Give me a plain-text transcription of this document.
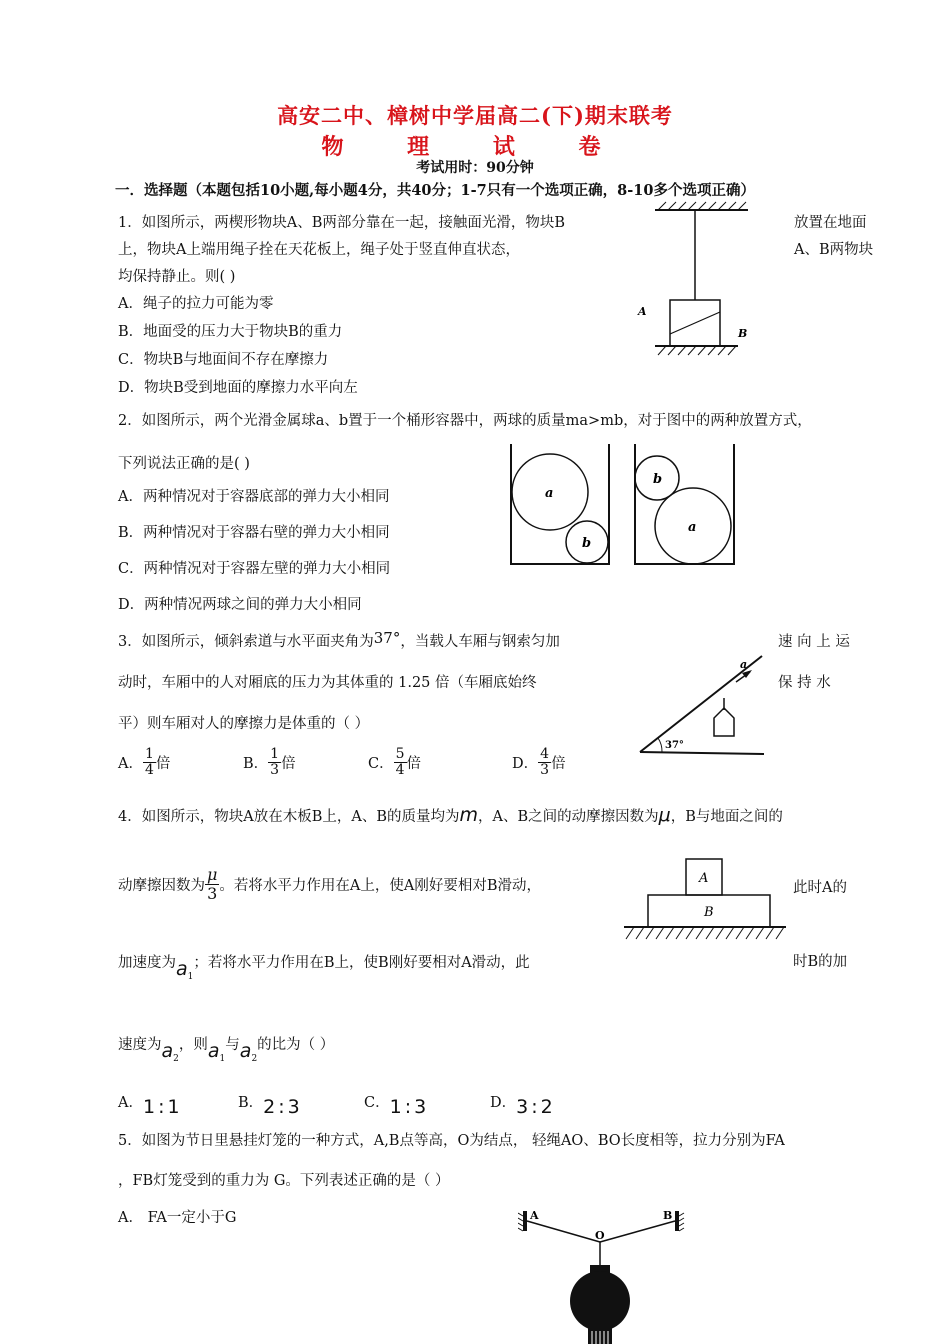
高安二中、樟树中学届高二(下)期末联考
物 理 试 卷
考试用时：90分钟
一．选择题（本题包括10小题,每小题4分，共40分；1-7只有一个选项正确，8-10多个选项正确）
1．如图所示，两楔形物块A、B两部分靠在一起，接触面光滑，物块B	放置在地面
上，物块A上端用绳子拴在天花板上，绳子处于竖直伸直状态，	A、B两物块
均保持静止。则( )
A．绳子的拉力可能为零
B．地面受的压力大于物块B的重力
C．物块B与地面间不存在摩擦力
D．物块B受到地面的摩擦力水平向左
A
B
2．如图所示，两个光滑金属球a、b置于一个桶形容器中，两球的质量ma>mb，对于图中的两种放置方式，
下列说法正确的是( )
A．两种情况对于容器底部的弹力大小相同
B．两种情况对于容器右壁的弹力大小相同
C．两种情况对于容器左壁的弹力大小相同
D．两种情况两球之间的弹力大小相同
a
b
b
a
3．如图所示，倾斜索道与水平面夹角为37°，当载人车厢与钢索匀加	速 向 上 运
动时，车厢中的人对厢底的压力为其体重的 1.25 倍（车厢底始终	保 持 水
平）则车厢对人的摩擦力是体重的（ ）
A． $\frac{1}{4}$ 倍	B． $\frac{1}{3}$ 倍	C． $\frac{5}{4}$ 倍	D． $\frac{4}{3}$ 倍
37°
a
4．如图所示，物块A放在木板B上，A、B的质量均为m，A、B之间的动摩擦因数为μ，B与地面之间的
动摩擦因数为 $\frac{\mu}{3}$ 。若将水平力作用在A上，使A刚好要相对B滑动，	此时A的
加速度为$a_1$；若将水平力作用在B上，使B刚好要相对A滑动，此	时B的加
速度为$a_2$，则$a_1$与$a_2$的比为（ ）
A．1:1	B．2:3	C．1:3	D．3:2
A
B
5．如图为节日里悬挂灯笼的一种方式，A,B点等高，O为结点， 轻绳AO、BO长度相等，拉力分别为FA
，FB灯笼受到的重力为 G。下列表述正确的是（ ）
A． FA一定小于G	A
O
B
